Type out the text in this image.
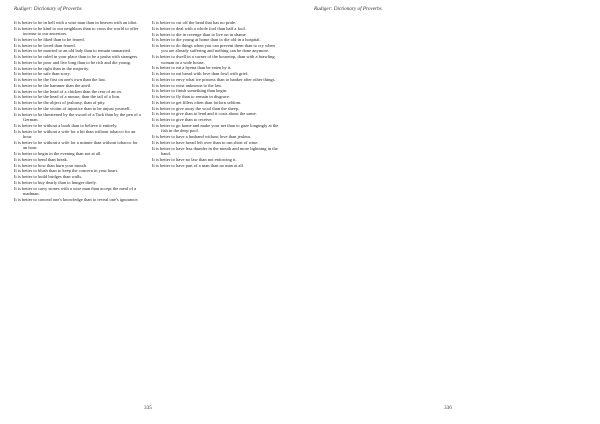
Rudiger: Dictionary of Proverbs

It is better to be in hell with a wise man than in heaven with an idiot.

It is better to be kind to our neighbors than to cross the world to offer incense to our ancestors.

It is better to be liked than to be feared.

It is better to be loved than feared.

It is better to be married to an old lady than to remain unmarried.

It is better to be ruled in your place than to be a pasha with strangers.

It is better to be poor and live long than to be rich and die young.

It is better to be right than in the majority.

It is better to be safe than sorry.

It is better to be the first on one's own than the last.

It is better to be the hammer than the anvil.

It is better to be the head of a chicken than the rear of an ox.

It is better to be the head of a mouse, than the tail of a lion.

It is better to be the object of jealousy, than of pity.

It is better to be the victim of injustice than to be unjust yourself.

It is better to be threatened by the sword of a Turk than by the pen of a German.

It is better to be without a book than to believe it entirely.

It is better to be without a wife for a bit than without tobacco for an hour.

It is better to be without a wife for a minute than without tobacco for an hour.

It is better to begin in the evening than not at all.

It is better to bend than break.

It is better to bow than burn your mouth.

It is better to blush than to keep the concern in your heart.

It is better to build bridges than walls.

It is better to buy dearly than to hunger direly.

It is better to carry stones with a wise man than accept the meal of a madman.

It is better to conceal one's knowledge than to reveal one's ignorance.

It is better to cut off the head that has no pride.

It is better to deal with a whole fool than half a fool.

It is better to die in revenge than to live on in shame.

It is better to die young at home than to die old in a hospital.

It is better to do things when you can prevent them than to cry when you are already suffering and nothing can be done anymore.

It is better to dwell in a corner of the housetop, than with a brawling woman in a wide house.

It is better to eat a hyena than be eaten by it.

It is better to eat bread with love than fowl with grief.

It is better to envy what we possess than to hanker after other things.

It is better to exist unknown to the law.

It is better to finish something than begin.

It is better to fly than to remain in disgrace.

It is better to get fillers often than forlorn seldom.

It is better to give away the wool than the sheep.

It is better to give than to lend and it costs about the same.

It is better to give than to receive.

It is better to go home and make your net than to gaze longingly at the fish in the deep pool.

It is better to have a husband without love than jealous.

It is better to have bread left over than to run short of wine.

It is better to have less thunder in the mouth and more lightning in the hand.

It is better to have no law than not enforcing it.

It is better to have part of a man than no man at all.

335
Rudiger: Dictionary of Proverbs
336
